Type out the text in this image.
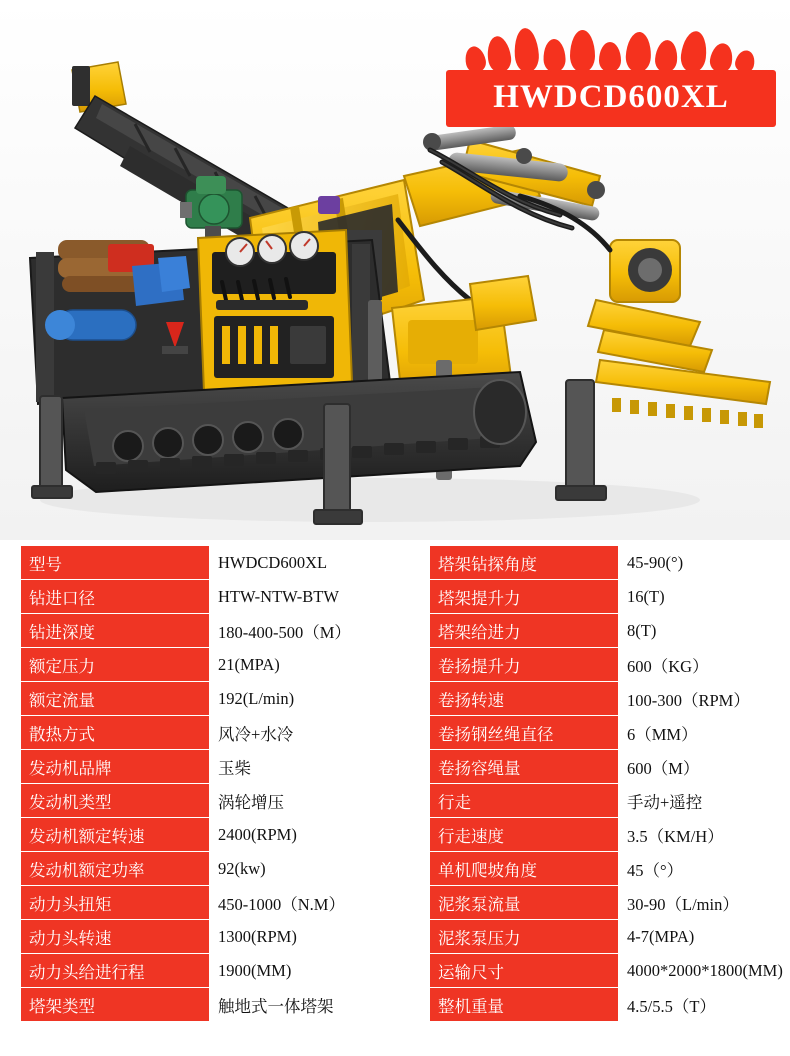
HWDCD600XL
型号	HWDCD600XL	塔架钻探角度	45-90(°)
钻进口径	HTW-NTW-BTW	塔架提升力	16(T)
钻进深度	180-400-500（M）	塔架给进力	8(T)
额定压力	21(MPA)	卷扬提升力	600（KG）
额定流量	192(L/min)	卷扬转速	100-300（RPM）
散热方式	风冷+水冷	卷扬钢丝绳直径	6（MM）
发动机品牌	玉柴	卷扬容绳量	600（M）
发动机类型	涡轮增压	行走	手动+遥控
发动机额定转速	2400(RPM)	行走速度	3.5（KM/H）
发动机额定功率	92(kw)	单机爬坡角度	45（°）
动力头扭矩	450-1000（N.M）	泥浆泵流量	30-90（L/min）
动力头转速	1300(RPM)	泥浆泵压力	4-7(MPA)
动力头给进行程	1900(MM)	运输尺寸	4000*2000*1800(MM)
塔架类型	触地式一体塔架	整机重量	4.5/5.5（T）
